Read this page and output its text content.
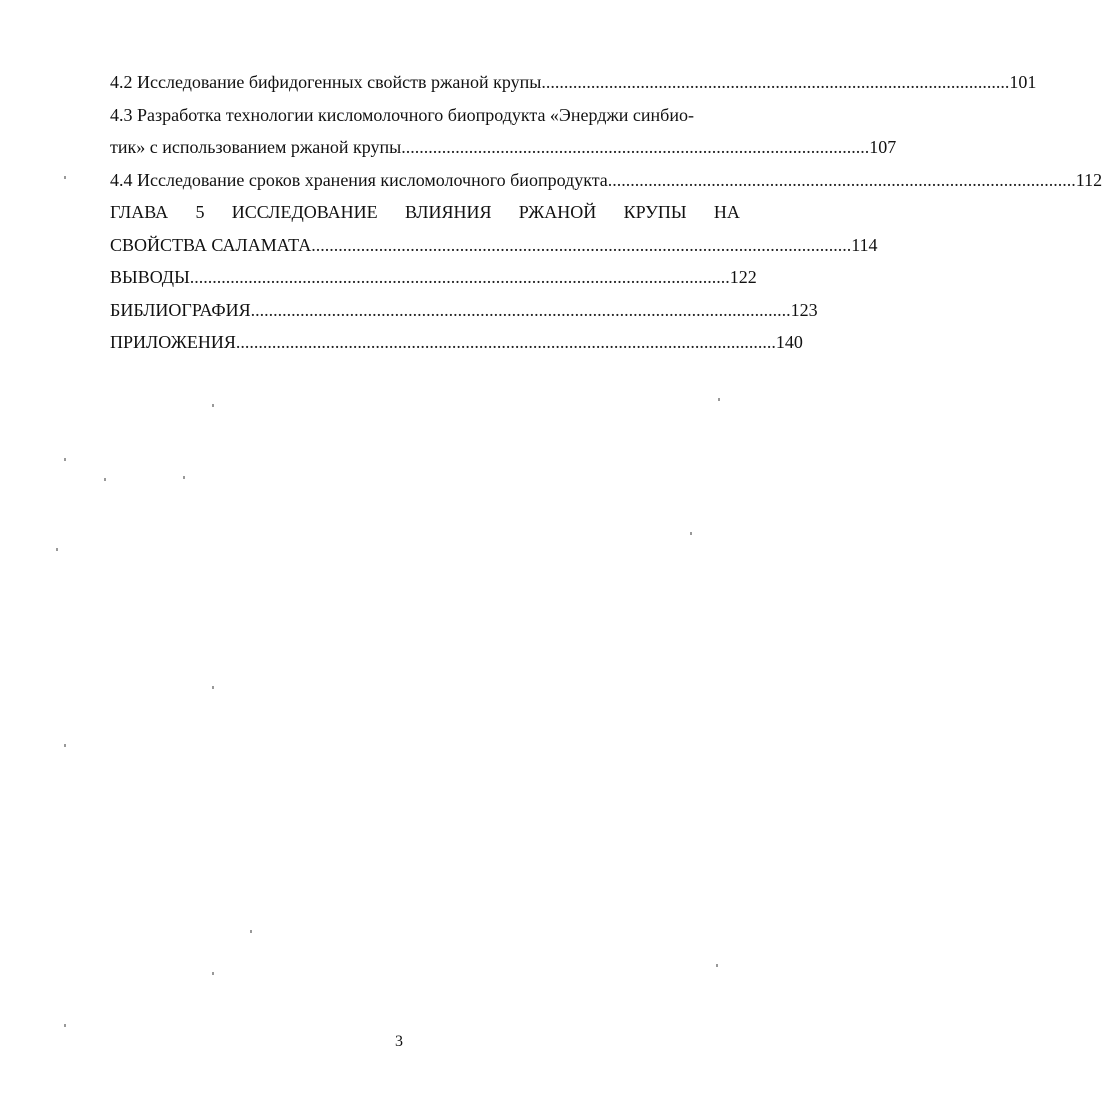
4.2 Исследование бифидогенных свойств ржаной крупы ........................................................................................................ 101
4.3 Разработка технологии кисломолочного биопродукта «Энерджи синбио-
тик» с использованием ржаной крупы ........................................................................................................ 107
4.4 Исследование сроков хранения кисломолочного биопродукта ........................................................................................................ 112
ГЛАВА 5 ИССЛЕДОВАНИЕ ВЛИЯНИЯ РЖАНОЙ КРУПЫ НА
СВОЙСТВА САЛАМАТА ........................................................................................................................ 114
ВЫВОДЫ ........................................................................................................................ 122
БИБЛИОГРАФИЯ ........................................................................................................................ 123
ПРИЛОЖЕНИЯ ........................................................................................................................ 140
3
